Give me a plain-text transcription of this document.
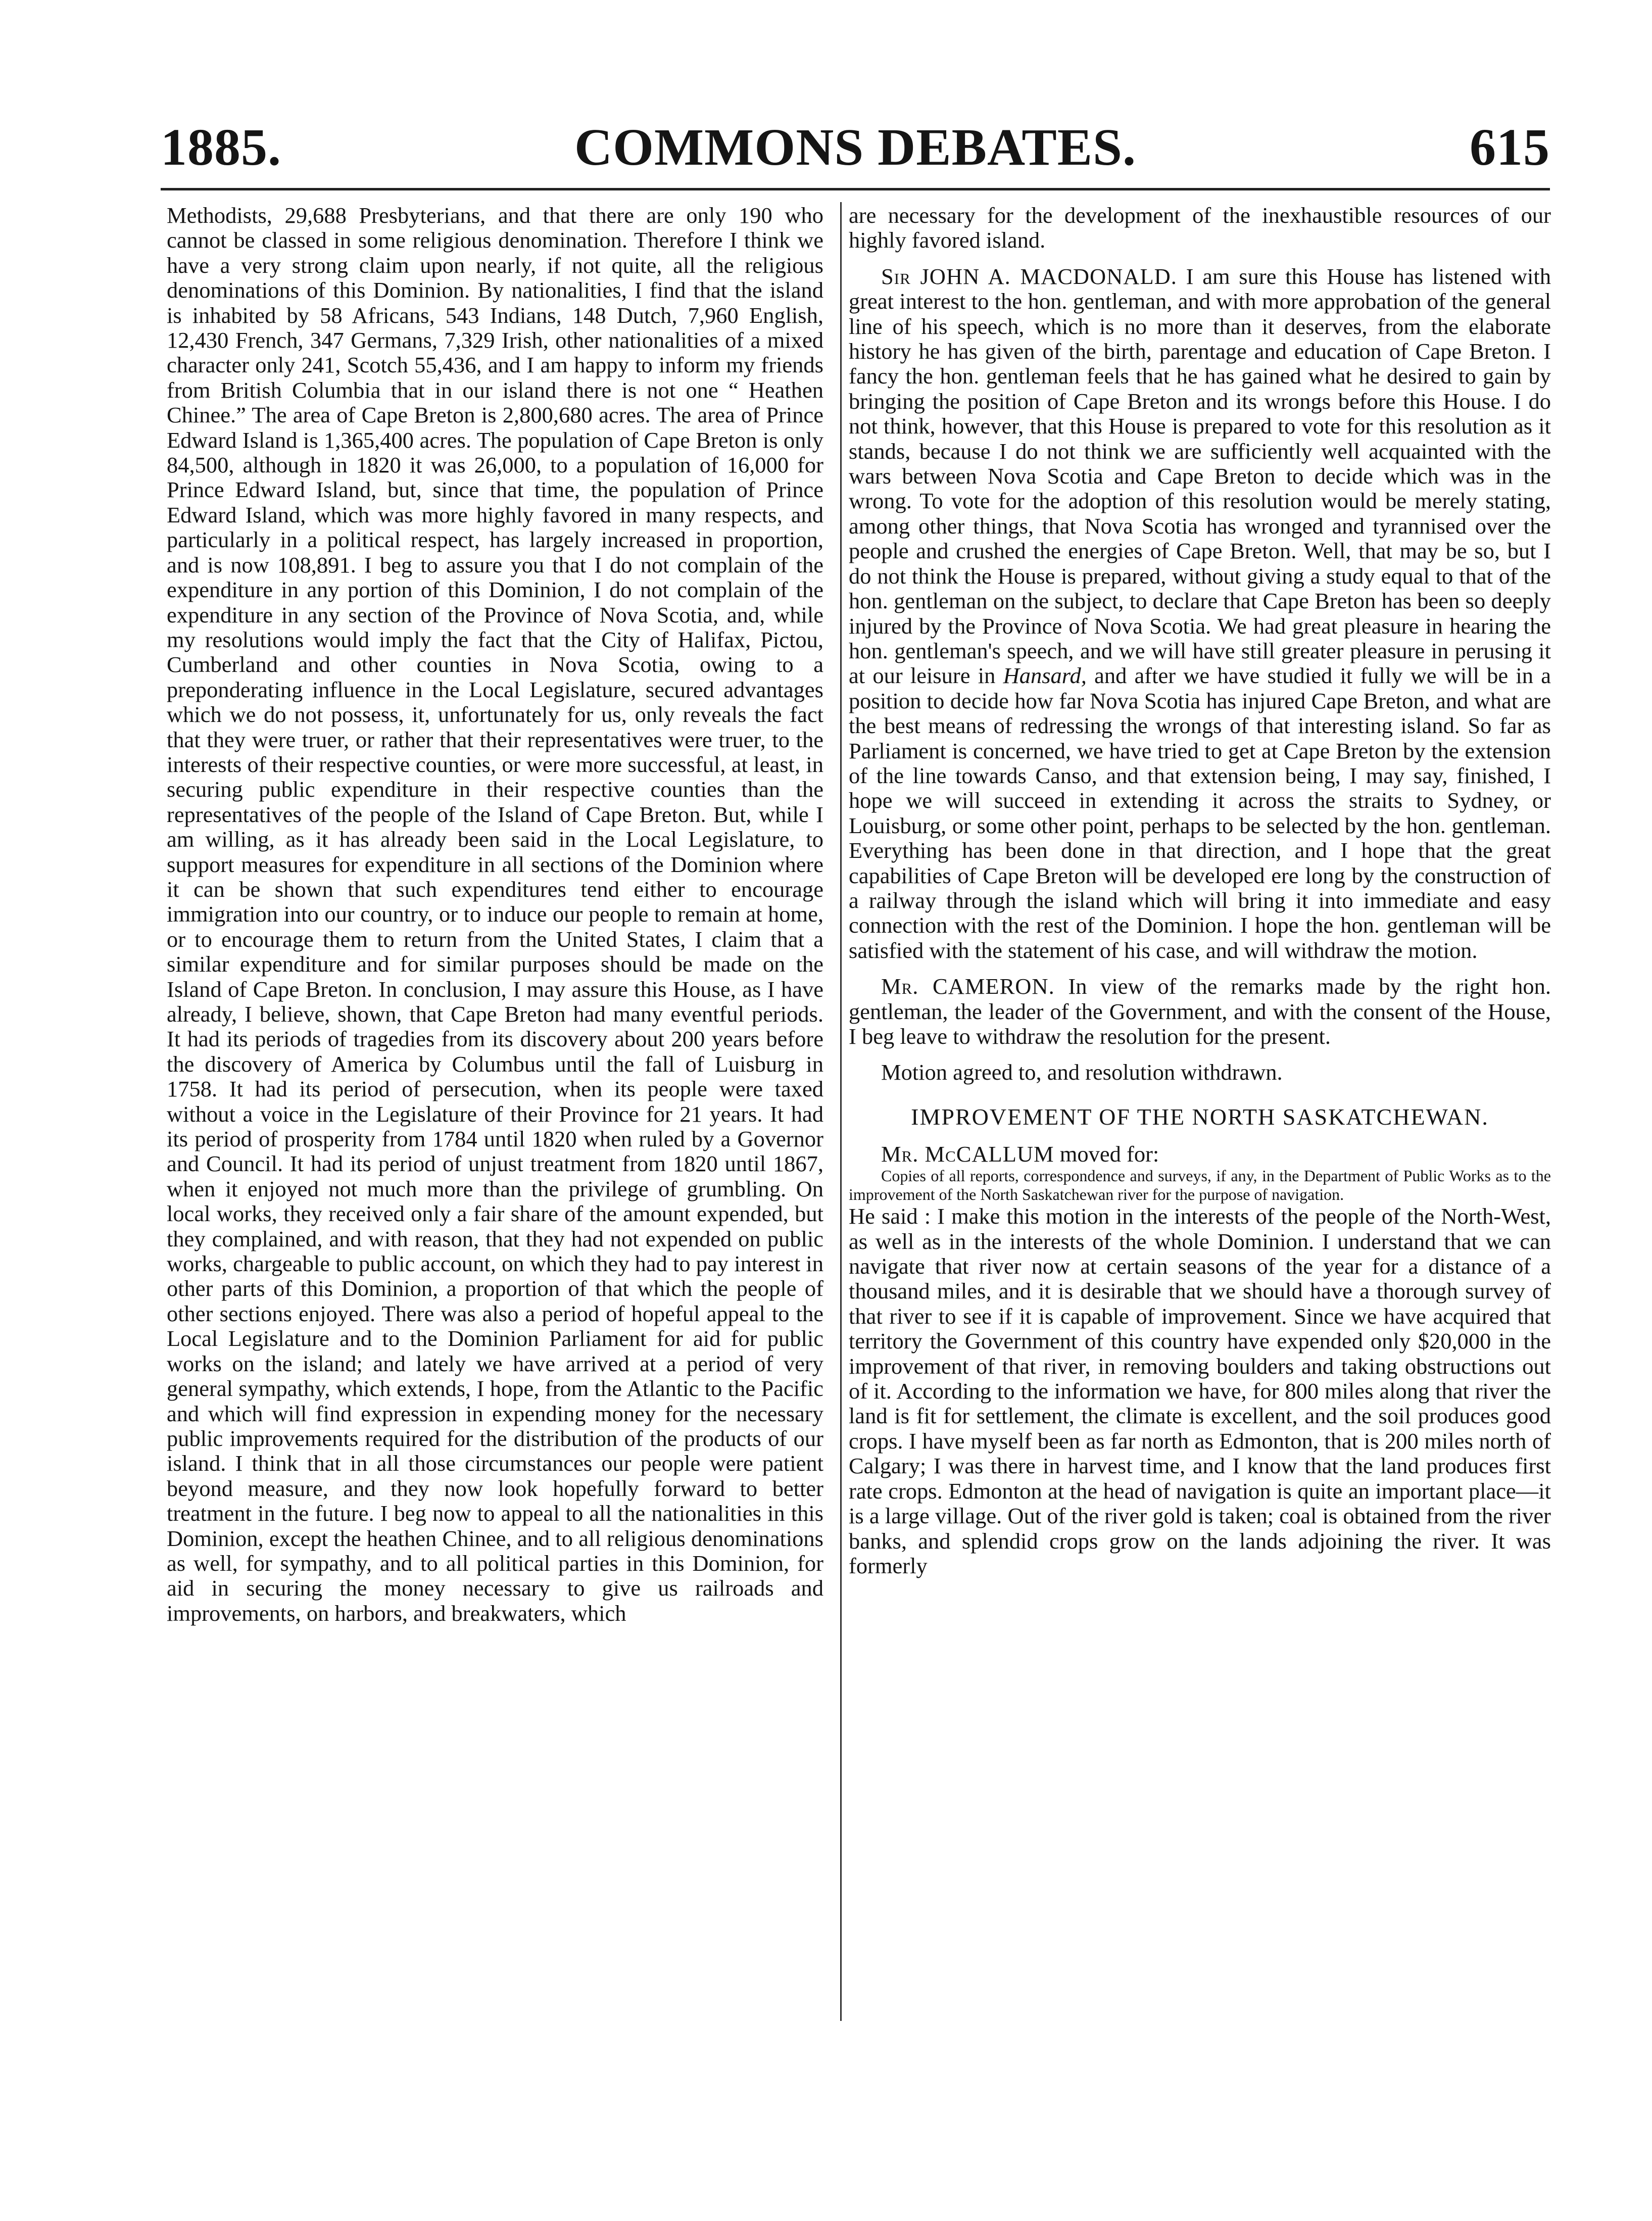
1885.	COMMONS DEBATES.	615

Methodists, 29,688 Presbyterians, and that there are only 190 who cannot be classed in some religious denomination. Therefore I think we have a very strong claim upon nearly, if not quite, all the religious denominations of this Dominion. By nationalities, I find that the island is inhabited by 58 Africans, 543 Indians, 148 Dutch, 7,960 English, 12,430 French, 347 Germans, 7,329 Irish, other nationalities of a mixed character only 241, Scotch 55,436, and I am happy to inform my friends from British Columbia that in our island there is not one “ Heathen Chinee.” The area of Cape Breton is 2,800,680 acres. The area of Prince Edward Island is 1,365,400 acres. The population of Cape Breton is only 84,500, although in 1820 it was 26,000, to a population of 16,000 for Prince Edward Island, but, since that time, the population of Prince Edward Island, which was more highly favored in many respects, and particularly in a political respect, has largely increased in proportion, and is now 108,891. I beg to assure you that I do not complain of the expenditure in any portion of this Dominion, I do not complain of the expenditure in any section of the Province of Nova Scotia, and, while my resolutions would imply the fact that the City of Halifax, Pictou, Cumberland and other counties in Nova Scotia, owing to a preponderating influence in the Local Legislature, secured advantages which we do not possess, it, unfortunately for us, only reveals the fact that they were truer, or rather that their representatives were truer, to the interests of their respective counties, or were more successful, at least, in securing public expenditure in their respective counties than the representatives of the people of the Island of Cape Breton. But, while I am willing, as it has already been said in the Local Legislature, to support measures for expenditure in all sections of the Dominion where it can be shown that such expenditures tend either to encourage immigration into our country, or to induce our people to remain at home, or to encourage them to return from the United States, I claim that a similar expenditure and for similar purposes should be made on the Island of Cape Breton. In conclusion, I may assure this House, as I have already, I believe, shown, that Cape Breton had many eventful periods. It had its periods of tragedies from its discovery about 200 years before the discovery of America by Columbus until the fall of Luisburg in 1758. It had its period of persecution, when its people were taxed without a voice in the Legislature of their Province for 21 years. It had its period of prosperity from 1784 until 1820 when ruled by a Governor and Council. It had its period of unjust treatment from 1820 until 1867, when it enjoyed not much more than the privilege of grumbling. On local works, they received only a fair share of the amount expended, but they complained, and with reason, that they had not expended on public works, chargeable to public account, on which they had to pay interest in other parts of this Dominion, a proportion of that which the people of other sections enjoyed. There was also a period of hopeful appeal to the Local Legislature and to the Dominion Parliament for aid for public works on the island; and lately we have arrived at a period of very general sympathy, which extends, I hope, from the Atlantic to the Pacific and which will find expression in expending money for the necessary public improvements required for the distribution of the products of our island. I think that in all those circumstances our people were patient beyond measure, and they now look hopefully forward to better treatment in the future. I beg now to appeal to all the nationalities in this Dominion, except the heathen Chinee, and to all religious denominations as well, for sympathy, and to all political parties in this Dominion, for aid in securing the money necessary to give us railroads and improvements, on harbors, and breakwaters, which

are necessary for the development of the inexhaustible resources of our highly favored island.

Sir JOHN A. MACDONALD. I am sure this House has listened with great interest to the hon. gentleman, and with more approbation of the general line of his speech, which is no more than it deserves, from the elaborate history he has given of the birth, parentage and education of Cape Breton. I fancy the hon. gentleman feels that he has gained what he desired to gain by bringing the position of Cape Breton and its wrongs before this House. I do not think, however, that this House is prepared to vote for this resolution as it stands, because I do not think we are sufficiently well acquainted with the wars between Nova Scotia and Cape Breton to decide which was in the wrong. To vote for the adoption of this resolution would be merely stating, among other things, that Nova Scotia has wronged and tyrannised over the people and crushed the energies of Cape Breton. Well, that may be so, but I do not think the House is prepared, without giving a study equal to that of the hon. gentleman on the subject, to declare that Cape Breton has been so deeply injured by the Province of Nova Scotia. We had great pleasure in hearing the hon. gentleman's speech, and we will have still greater pleasure in perusing it at our leisure in Hansard, and after we have studied it fully we will be in a position to decide how far Nova Scotia has injured Cape Breton, and what are the best means of redressing the wrongs of that interesting island. So far as Parliament is concerned, we have tried to get at Cape Breton by the extension of the line towards Canso, and that extension being, I may say, finished, I hope we will succeed in extending it across the straits to Sydney, or Louisburg, or some other point, perhaps to be selected by the hon. gentleman. Everything has been done in that direction, and I hope that the great capabilities of Cape Breton will be developed ere long by the construction of a railway through the island which will bring it into immediate and easy connection with the rest of the Dominion. I hope the hon. gentleman will be satisfied with the statement of his case, and will withdraw the motion.

Mr. CAMERON. In view of the remarks made by the right hon. gentleman, the leader of the Government, and with the consent of the House, I beg leave to withdraw the resolution for the present.

Motion agreed to, and resolution withdrawn.

IMPROVEMENT OF THE NORTH SASKATCHEWAN.

Mr. McCALLUM moved for:

Copies of all reports, correspondence and surveys, if any, in the Department of Public Works as to the improvement of the North Saskatchewan river for the purpose of navigation.

He said : I make this motion in the interests of the people of the North-West, as well as in the interests of the whole Dominion. I understand that we can navigate that river now at certain seasons of the year for a distance of a thousand miles, and it is desirable that we should have a thorough survey of that river to see if it is capable of improvement. Since we have acquired that territory the Government of this country have expended only $20,000 in the improvement of that river, in removing boulders and taking obstructions out of it. According to the information we have, for 800 miles along that river the land is fit for settlement, the climate is excellent, and the soil produces good crops. I have myself been as far north as Edmonton, that is 200 miles north of Calgary; I was there in harvest time, and I know that the land produces first rate crops. Edmonton at the head of navigation is quite an important place—it is a large village. Out of the river gold is taken; coal is obtained from the river banks, and splendid crops grow on the lands adjoining the river. It was formerly
